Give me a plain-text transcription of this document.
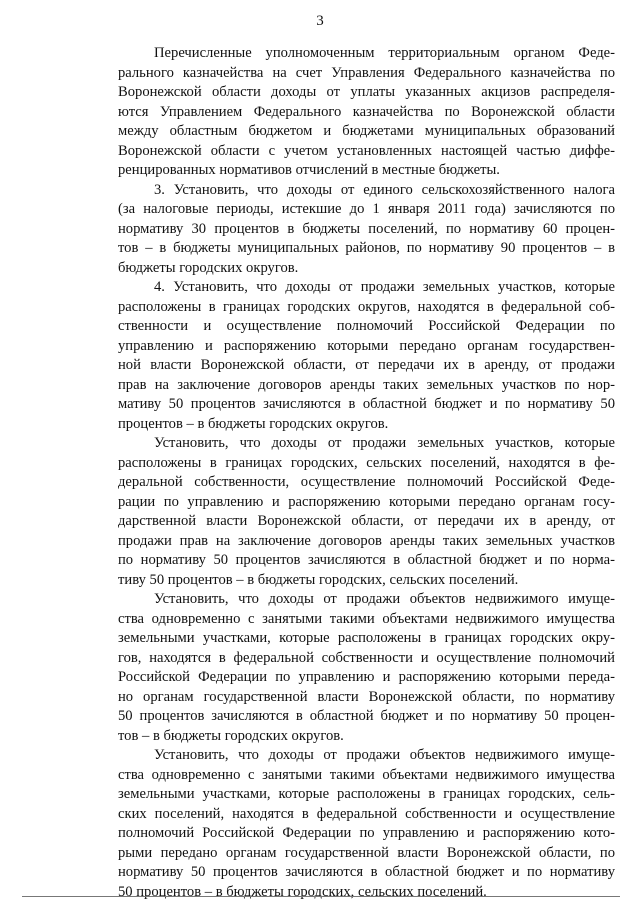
3
Перечисленные уполномоченным территориальным органом Феде-
рального казначейства на счет Управления Федерального казначейства по
Воронежской области доходы от уплаты указанных акцизов распределя-
ются Управлением Федерального казначейства по Воронежской области
между областным бюджетом и бюджетами муниципальных образований
Воронежской области с учетом установленных настоящей частью диффе-
ренцированных нормативов отчислений в местные бюджеты.
3. Установить, что доходы от единого сельскохозяйственного налога
(за налоговые периоды, истекшие до 1 января 2011 года) зачисляются по
нормативу 30 процентов в бюджеты поселений, по нормативу 60 процен-
тов – в бюджеты муниципальных районов, по нормативу 90 процентов – в
бюджеты городских округов.
4. Установить, что доходы от продажи земельных участков, которые
расположены в границах городских округов, находятся в федеральной соб-
ственности и осуществление полномочий Российской Федерации по
управлению и распоряжению которыми передано органам государствен-
ной власти Воронежской области, от передачи их в аренду, от продажи
прав на заключение договоров аренды таких земельных участков по нор-
мативу 50 процентов зачисляются в областной бюджет и по нормативу 50
процентов – в бюджеты городских округов.
Установить, что доходы от продажи земельных участков, которые
расположены в границах городских, сельских поселений, находятся в фе-
деральной собственности, осуществление полномочий Российской Феде-
рации по управлению и распоряжению которыми передано органам госу-
дарственной власти Воронежской области, от передачи их в аренду, от
продажи прав на заключение договоров аренды таких земельных участков
по нормативу 50 процентов зачисляются в областной бюджет и по норма-
тиву 50 процентов – в бюджеты городских, сельских поселений.
Установить, что доходы от продажи объектов недвижимого имуще-
ства одновременно с занятыми такими объектами недвижимого имущества
земельными участками, которые расположены в границах городских окру-
гов, находятся в федеральной собственности и осуществление полномочий
Российской Федерации по управлению и распоряжению которыми переда-
но органам государственной власти Воронежской области, по нормативу
50 процентов зачисляются в областной бюджет и по нормативу 50 процен-
тов – в бюджеты городских округов.
Установить, что доходы от продажи объектов недвижимого имуще-
ства одновременно с занятыми такими объектами недвижимого имущества
земельными участками, которые расположены в границах городских, сель-
ских поселений, находятся в федеральной собственности и осуществление
полномочий Российской Федерации по управлению и распоряжению кото-
рыми передано органам государственной власти Воронежской области, по
нормативу 50 процентов зачисляются в областной бюджет и по нормативу
50 процентов – в бюджеты городских, сельских поселений.
